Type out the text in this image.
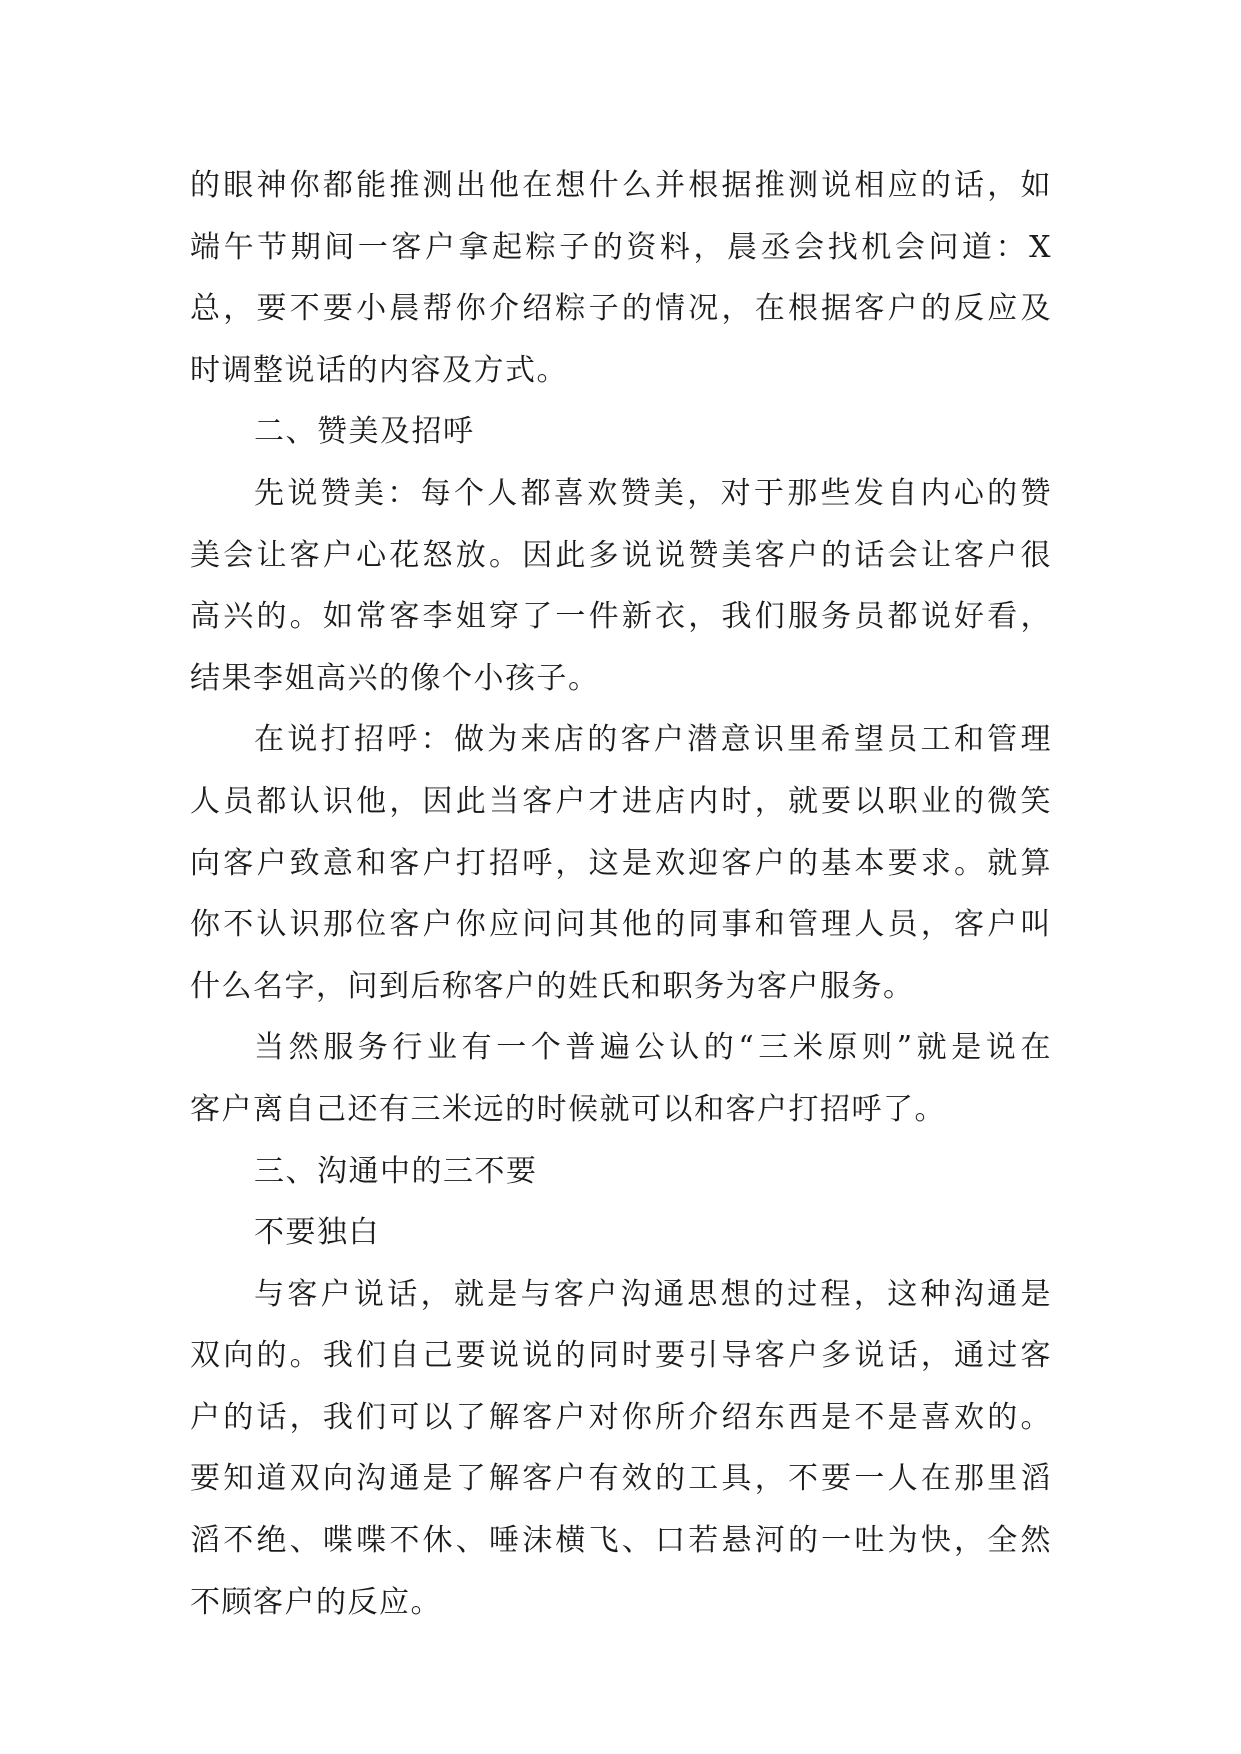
的眼神你都能推测出他在想什么并根据推测说相应的话，如
端午节期间一客户拿起粽子的资料，晨丞会找机会问道：X
总，要不要小晨帮你介绍粽子的情况，在根据客户的反应及
时调整说话的内容及方式。
二、赞美及招呼
先说赞美：每个人都喜欢赞美，对于那些发自内心的赞
美会让客户心花怒放。因此多说说赞美客户的话会让客户很
高兴的。如常客李姐穿了一件新衣，我们服务员都说好看，
结果李姐高兴的像个小孩子。
在说打招呼：做为来店的客户潜意识里希望员工和管理
人员都认识他，因此当客户才进店内时，就要以职业的微笑
向客户致意和客户打招呼，这是欢迎客户的基本要求。就算
你不认识那位客户你应问问其他的同事和管理人员，客户叫
什么名字，问到后称客户的姓氏和职务为客户服务。
当然服务行业有一个普遍公认的“三米原则”就是说在
客户离自己还有三米远的时候就可以和客户打招呼了。
三、沟通中的三不要
不要独白
与客户说话，就是与客户沟通思想的过程，这种沟通是
双向的。我们自己要说说的同时要引导客户多说话，通过客
户的话，我们可以了解客户对你所介绍东西是不是喜欢的。
要知道双向沟通是了解客户有效的工具，不要一人在那里滔
滔不绝、喋喋不休、唾沫横飞、口若悬河的一吐为快，全然
不顾客户的反应。
